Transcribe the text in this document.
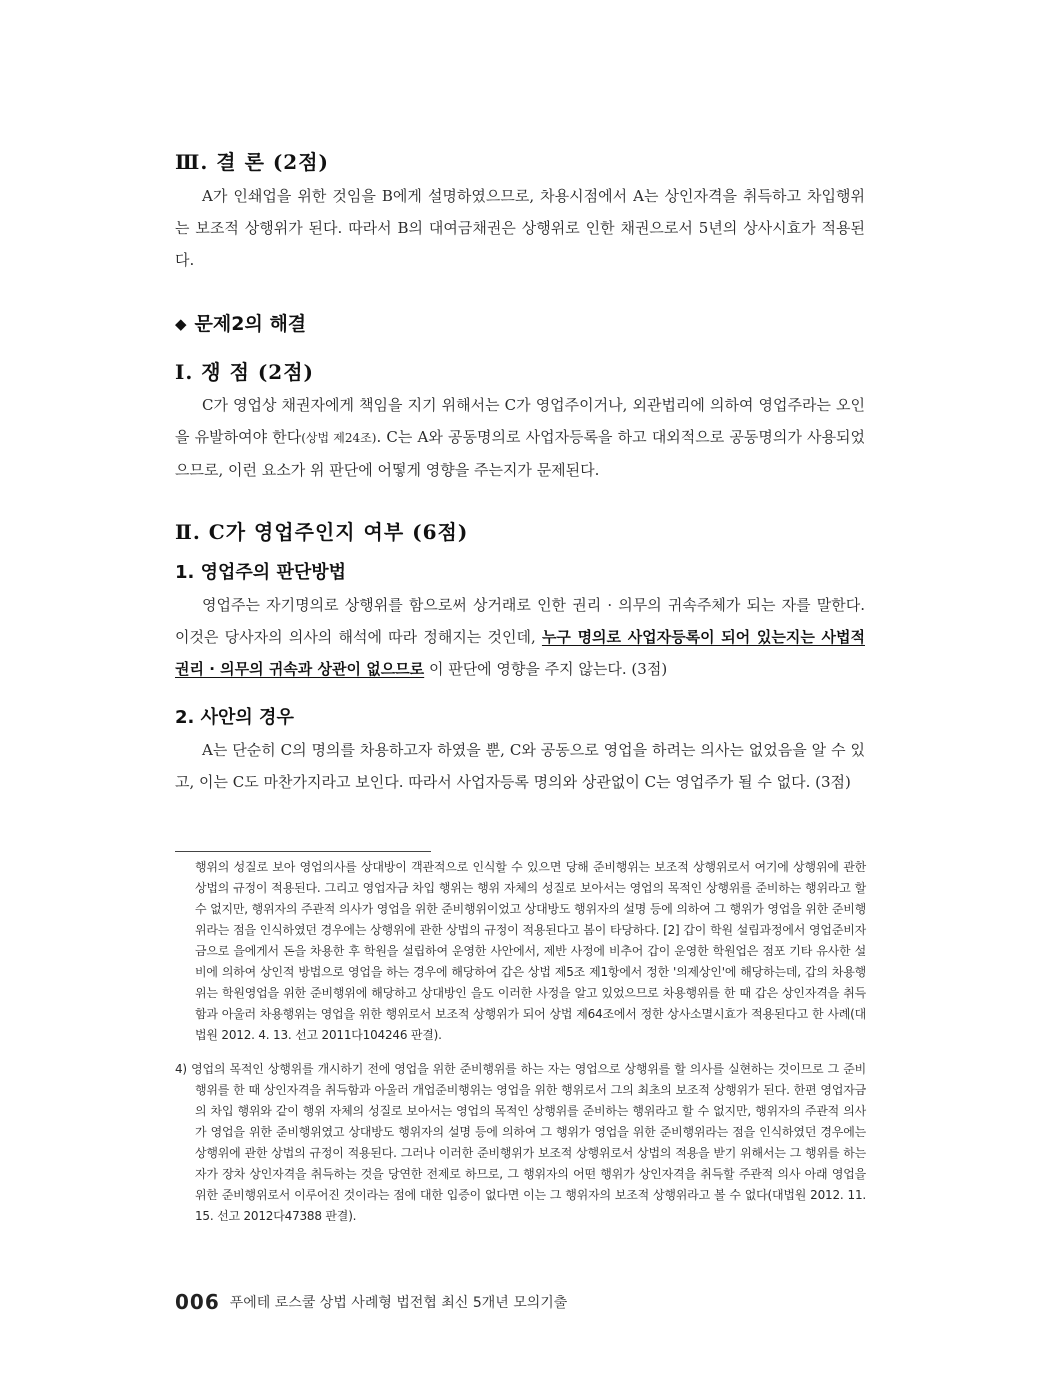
Ⅲ. 결 론 (2점)

A가 인쇄업을 위한 것임을 B에게 설명하였으므로, 차용시점에서 A는 상인자격을 취득하고 차입행위는 보조적 상행위가 된다. 따라서 B의 대여금채권은 상행위로 인한 채권으로서 5년의 상사시효가 적용된다.

◆ 문제2의 해결
Ⅰ. 쟁 점 (2점)

C가 영업상 채권자에게 책임을 지기 위해서는 C가 영업주이거나, 외관법리에 의하여 영업주라는 오인을 유발하여야 한다(상법 제24조). C는 A와 공동명의로 사업자등록을 하고 대외적으로 공동명의가 사용되었으므로, 이런 요소가 위 판단에 어떻게 영향을 주는지가 문제된다.

Ⅱ. C가 영업주인지 여부 (6점)
1. 영업주의 판단방법

영업주는 자기명의로 상행위를 함으로써 상거래로 인한 권리 · 의무의 귀속주체가 되는 자를 말한다. 이것은 당사자의 의사의 해석에 따라 정해지는 것인데, 누구 명의로 사업자등록이 되어 있는지는 사법적 권리 · 의무의 귀속과 상관이 없으므로 이 판단에 영향을 주지 않는다. (3점)

2. 사안의 경우

A는 단순히 C의 명의를 차용하고자 하였을 뿐, C와 공동으로 영업을 하려는 의사는 없었음을 알 수 있고, 이는 C도 마찬가지라고 보인다. 따라서 사업자등록 명의와 상관없이 C는 영업주가 될 수 없다. (3점)

행위의 성질로 보아 영업의사를 상대방이 객관적으로 인식할 수 있으면 당해 준비행위는 보조적 상행위로서 여기에 상행위에 관한 상법의 규정이 적용된다. 그리고 영업자금 차입 행위는 행위 자체의 성질로 보아서는 영업의 목적인 상행위를 준비하는 행위라고 할 수 없지만, 행위자의 주관적 의사가 영업을 위한 준비행위이었고 상대방도 행위자의 설명 등에 의하여 그 행위가 영업을 위한 준비행위라는 점을 인식하였던 경우에는 상행위에 관한 상법의 규정이 적용된다고 봄이 타당하다. [2] 갑이 학원 설립과정에서 영업준비자금으로 을에게서 돈을 차용한 후 학원을 설립하여 운영한 사안에서, 제반 사정에 비추어 갑이 운영한 학원업은 점포 기타 유사한 설비에 의하여 상인적 방법으로 영업을 하는 경우에 해당하여 갑은 상법 제5조 제1항에서 정한 '의제상인'에 해당하는데, 갑의 차용행위는 학원영업을 위한 준비행위에 해당하고 상대방인 을도 이러한 사정을 알고 있었으므로 차용행위를 한 때 갑은 상인자격을 취득함과 아울러 차용행위는 영업을 위한 행위로서 보조적 상행위가 되어 상법 제64조에서 정한 상사소멸시효가 적용된다고 한 사례(대법원 2012. 4. 13. 선고 2011다104246 판결).

4) 영업의 목적인 상행위를 개시하기 전에 영업을 위한 준비행위를 하는 자는 영업으로 상행위를 할 의사를 실현하는 것이므로 그 준비행위를 한 때 상인자격을 취득함과 아울러 개업준비행위는 영업을 위한 행위로서 그의 최초의 보조적 상행위가 된다. 한편 영업자금의 차입 행위와 같이 행위 자체의 성질로 보아서는 영업의 목적인 상행위를 준비하는 행위라고 할 수 없지만, 행위자의 주관적 의사가 영업을 위한 준비행위였고 상대방도 행위자의 설명 등에 의하여 그 행위가 영업을 위한 준비행위라는 점을 인식하였던 경우에는 상행위에 관한 상법의 규정이 적용된다. 그러나 이러한 준비행위가 보조적 상행위로서 상법의 적용을 받기 위해서는 그 행위를 하는 자가 장차 상인자격을 취득하는 것을 당연한 전제로 하므로, 그 행위자의 어떤 행위가 상인자격을 취득할 주관적 의사 아래 영업을 위한 준비행위로서 이루어진 것이라는 점에 대한 입증이 없다면 이는 그 행위자의 보조적 상행위라고 볼 수 없다(대법원 2012. 11. 15. 선고 2012다47388 판결).

006 푸에테 로스쿨 상법 사례형 법전협 최신 5개년 모의기출
